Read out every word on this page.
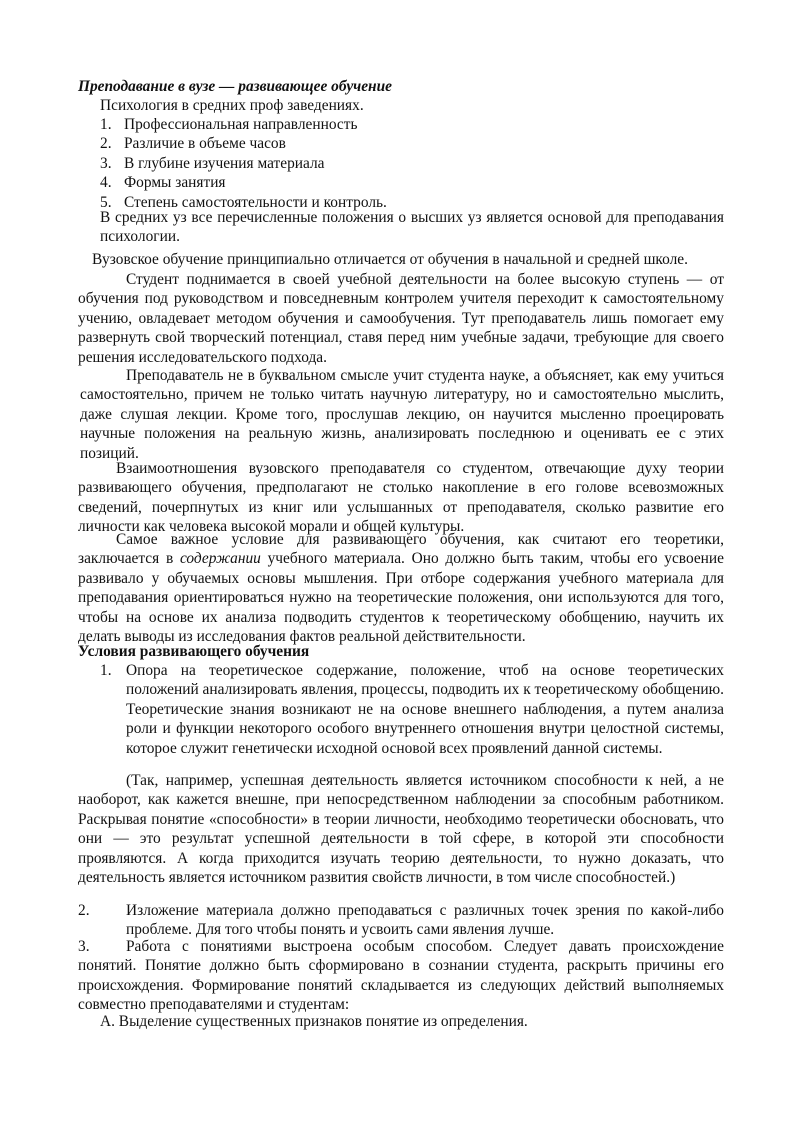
Преподавание в вузе — развивающее обучение
Психология в средних проф заведениях.
1. Профессиональная направленность
2. Различие в объеме часов
3. В глубине изучения материала
4. Формы занятия
5. Степень самостоятельности и контроль.

В средних уз все перечисленные положения о высших уз является основой для преподавания психологии.

Вузовское обучение принципиально отличается от обучения в начальной и средней школе.

Студент поднимается в своей учебной деятельности на более высокую ступень — от обучения под руководством и повседневным контролем учителя переходит к самостоятельному учению, овладевает методом обучения и самообучения. Тут преподаватель лишь помогает ему развернуть свой творческий потенциал, ставя перед ним учебные задачи, требующие для своего решения исследовательского подхода.

Преподаватель не в буквальном смысле учит студента науке, а объясняет, как ему учиться самостоятельно, причем не только читать научную литературу, но и самостоятельно мыслить, даже слушая лекции. Кроме того, прослушав лекцию, он научится мысленно проецировать научные положения на реальную жизнь, анализировать последнюю и оценивать ее с этих позиций.

Взаимоотношения вузовского преподавателя со студентом, отвечающие духу теории развивающего обучения, предполагают не столько накопление в его голове всевозможных сведений, почерпнутых из книг или услышанных от преподавателя, сколько развитие его личности как человека высокой морали и общей культуры.

Самое важное условие для развивающего обучения, как считают его теоретики, заключается в содержании учебного материала. Оно должно быть таким, чтобы его усвоение развивало у обучаемых основы мышления. При отборе содержания учебного материала для преподавания ориентироваться нужно на теоретические положения, они используются для того, чтобы на основе их анализа подводить студентов к теоретическому обобщению, научить их делать выводы из исследования фактов реальной действительности.

Условия развивающего обучения
1. Опора на теоретическое содержание, положение, чтоб на основе теоретических положений анализировать явления, процессы, подводить их к теоретическому обобщению. Теоретические знания возникают не на основе внешнего наблюдения, а путем анализа роли и функции некоторого особого внутреннего отношения внутри целостной системы, которое служит генетически исходной основой всех проявлений данной системы.

(Так, например, успешная деятельность является источником способности к ней, а не наоборот, как кажется внешне, при непосредственном наблюдении за способным работником. Раскрывая понятие «способности» в теории личности, необходимо теоретически обосновать, что они — это результат успешной деятельности в той сфере, в которой эти способности проявляются. А когда приходится изучать теорию деятельности, то нужно доказать, что деятельность является источником развития свойств личности, в том числе способностей.)

2. Изложение материала должно преподаваться с различных точек зрения по какой-либо проблеме. Для того чтобы понять и усвоить сами явления лучше.

Работа с понятиями выстроена особым способом. Следует давать происхождение понятий. Понятие должно быть сформировано в сознании студента, раскрыть причины его происхождения. Формирование понятий складывается из следующих действий выполняемых совместно преподавателями и студентам:

3.

А. Выделение существенных признаков понятие из определения.
